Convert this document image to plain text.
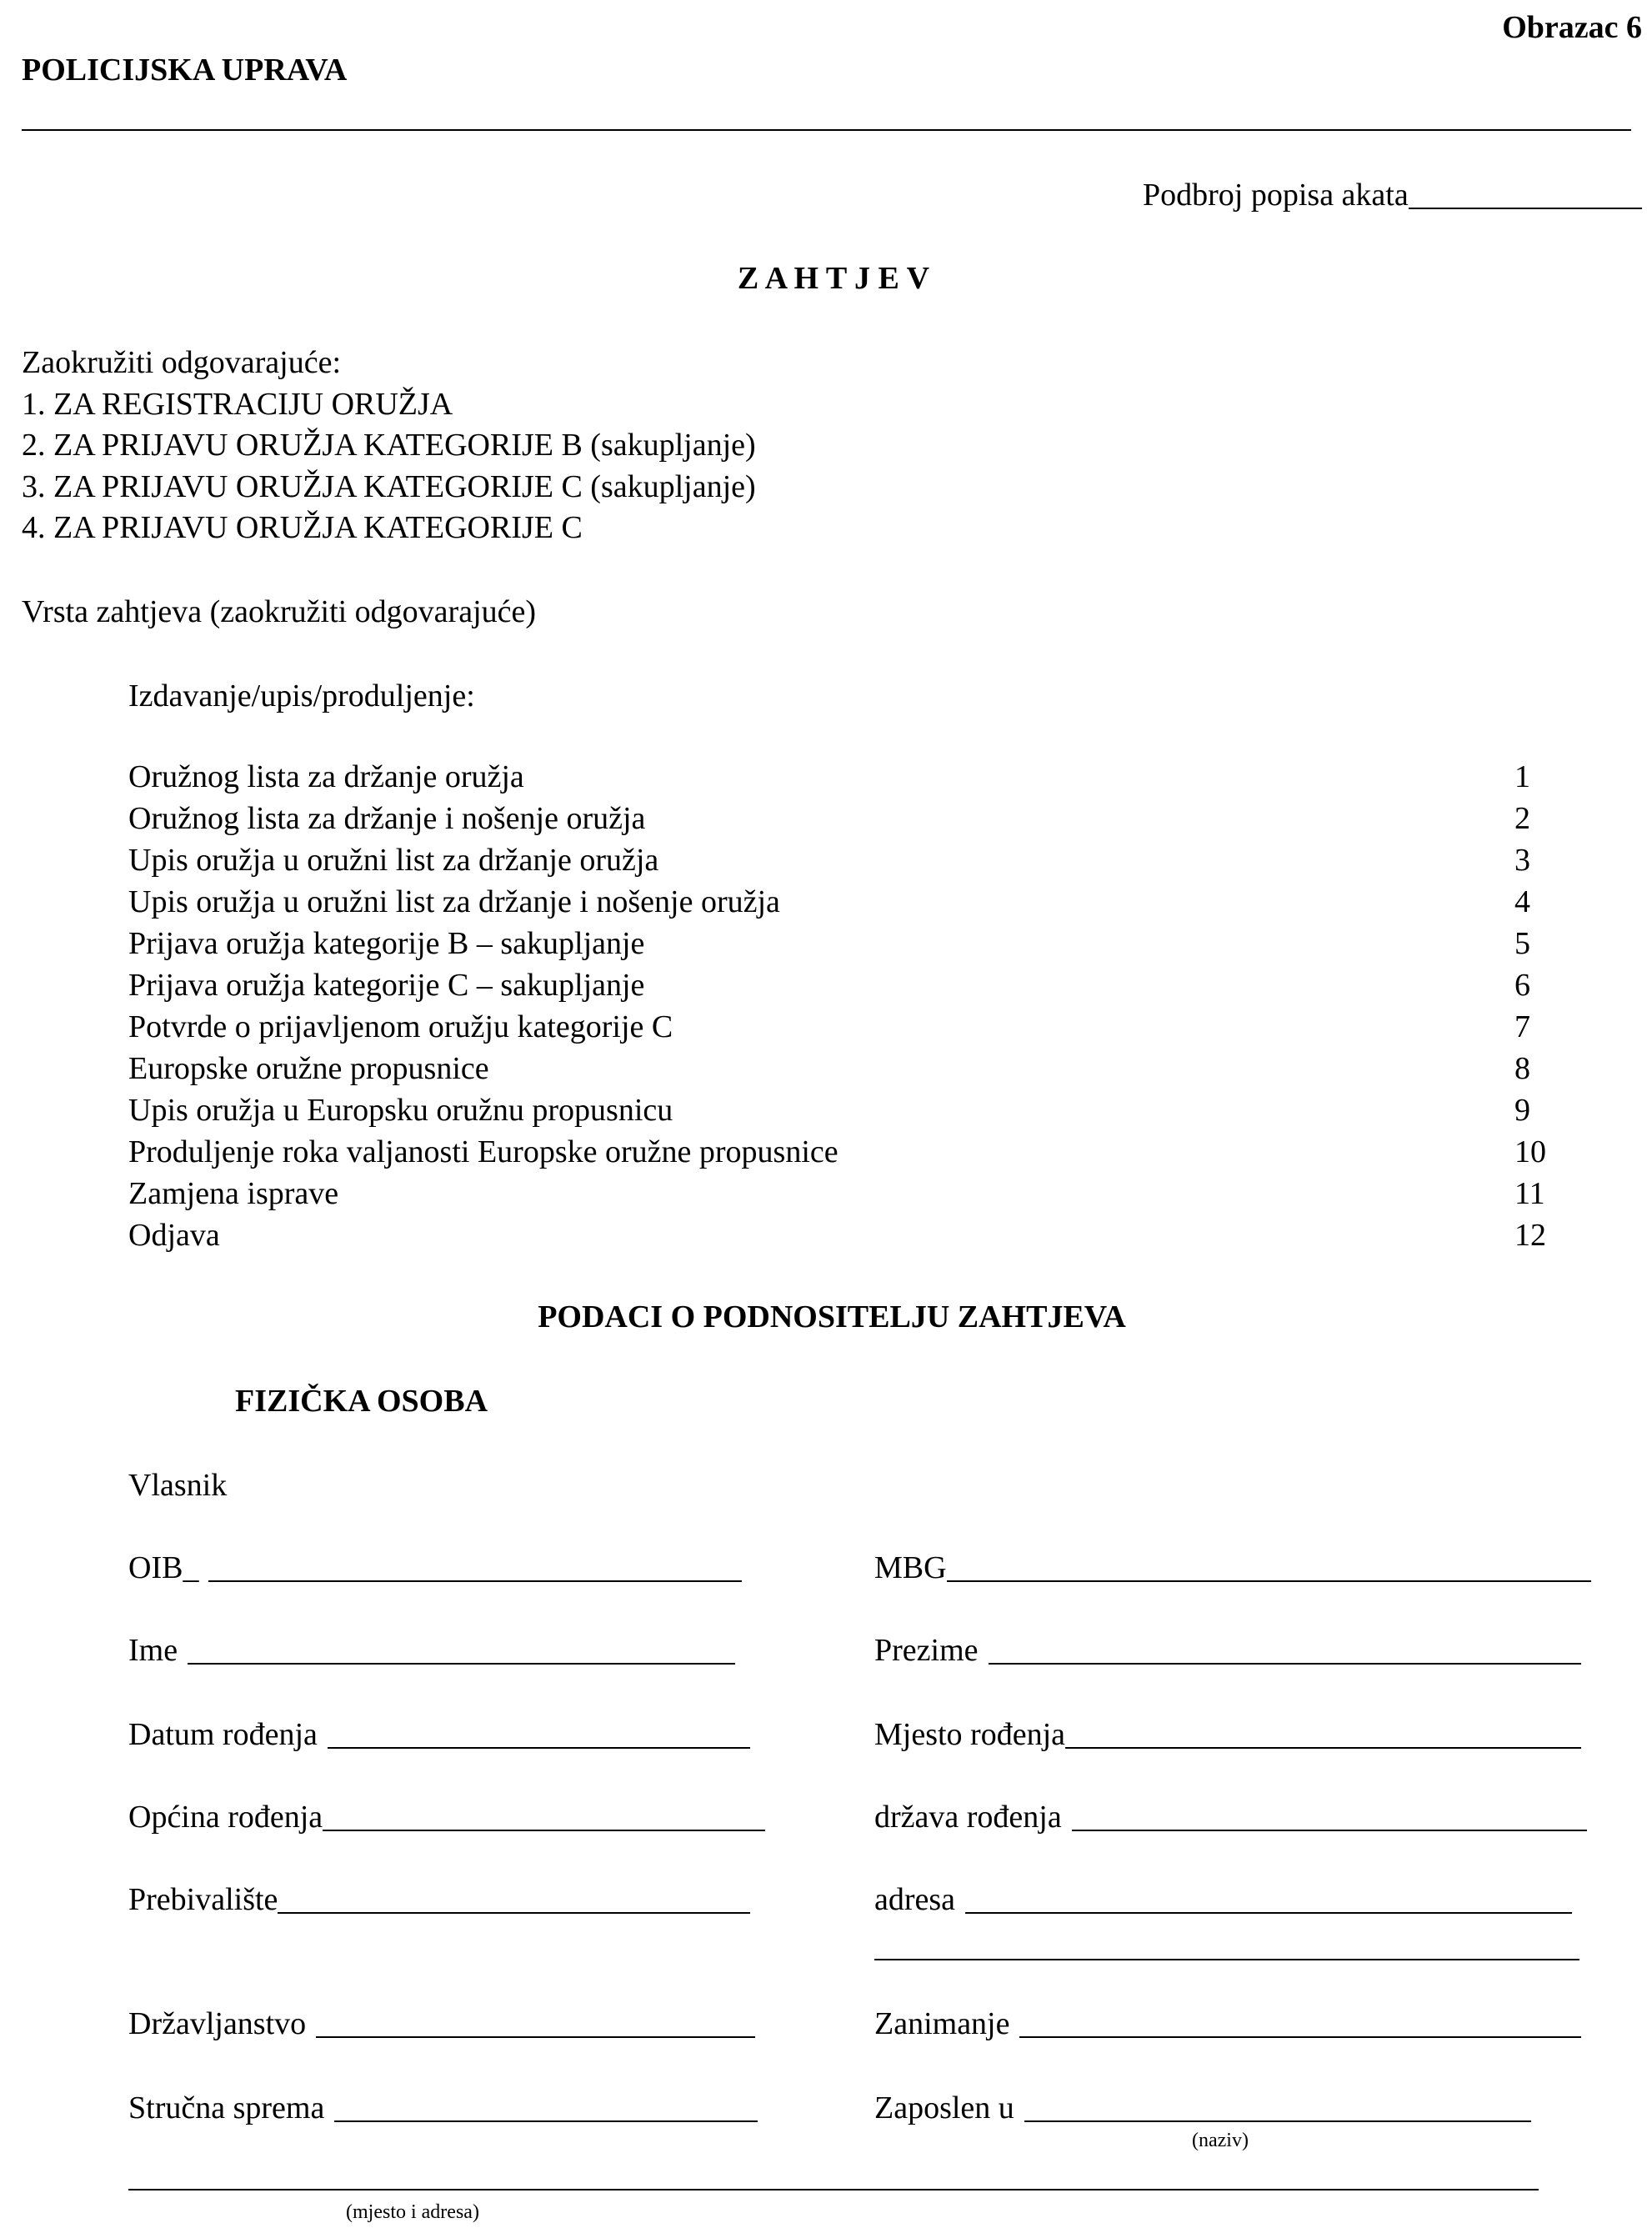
Obrazac 6
POLICIJSKA UPRAVA
Podbroj popisa akata
Z A H T J E V
Zaokružiti odgovarajuće:
1. ZA REGISTRACIJU ORUŽJA
2. ZA PRIJAVU ORUŽJA KATEGORIJE B (sakupljanje)
3. ZA PRIJAVU ORUŽJA KATEGORIJE C (sakupljanje)
4. ZA PRIJAVU ORUŽJA KATEGORIJE C
Vrsta zahtjeva (zaokružiti odgovarajuće)
Izdavanje/upis/produljenje:
Oružnog lista za držanje oružja	1
Oružnog lista za držanje i nošenje oružja	2
Upis oružja u oružni list za držanje oružja	3
Upis oružja u oružni list za držanje i nošenje oružja	4
Prijava oružja kategorije B – sakupljanje	5
Prijava oružja kategorije C – sakupljanje	6
Potvrde o prijavljenom oružju kategorije C	7
Europske oružne propusnice	8
Upis oružja u Europsku oružnu propusnicu	9
Produljenje roka valjanosti Europske oružne propusnice	10
Zamjena isprave	11
Odjava	12
PODACI O PODNOSITELJU ZAHTJEVA
FIZIČKA OSOBA
Vlasnik
OIB_	MBG
Ime	Prezime
Datum rođenja	Mjesto rođenja
Općina rođenja	država rođenja
Prebivalište	adresa
Državljanstvo	Zanimanje
Stručna sprema	Zaposlen u
(naziv)
(mjesto i adresa)
